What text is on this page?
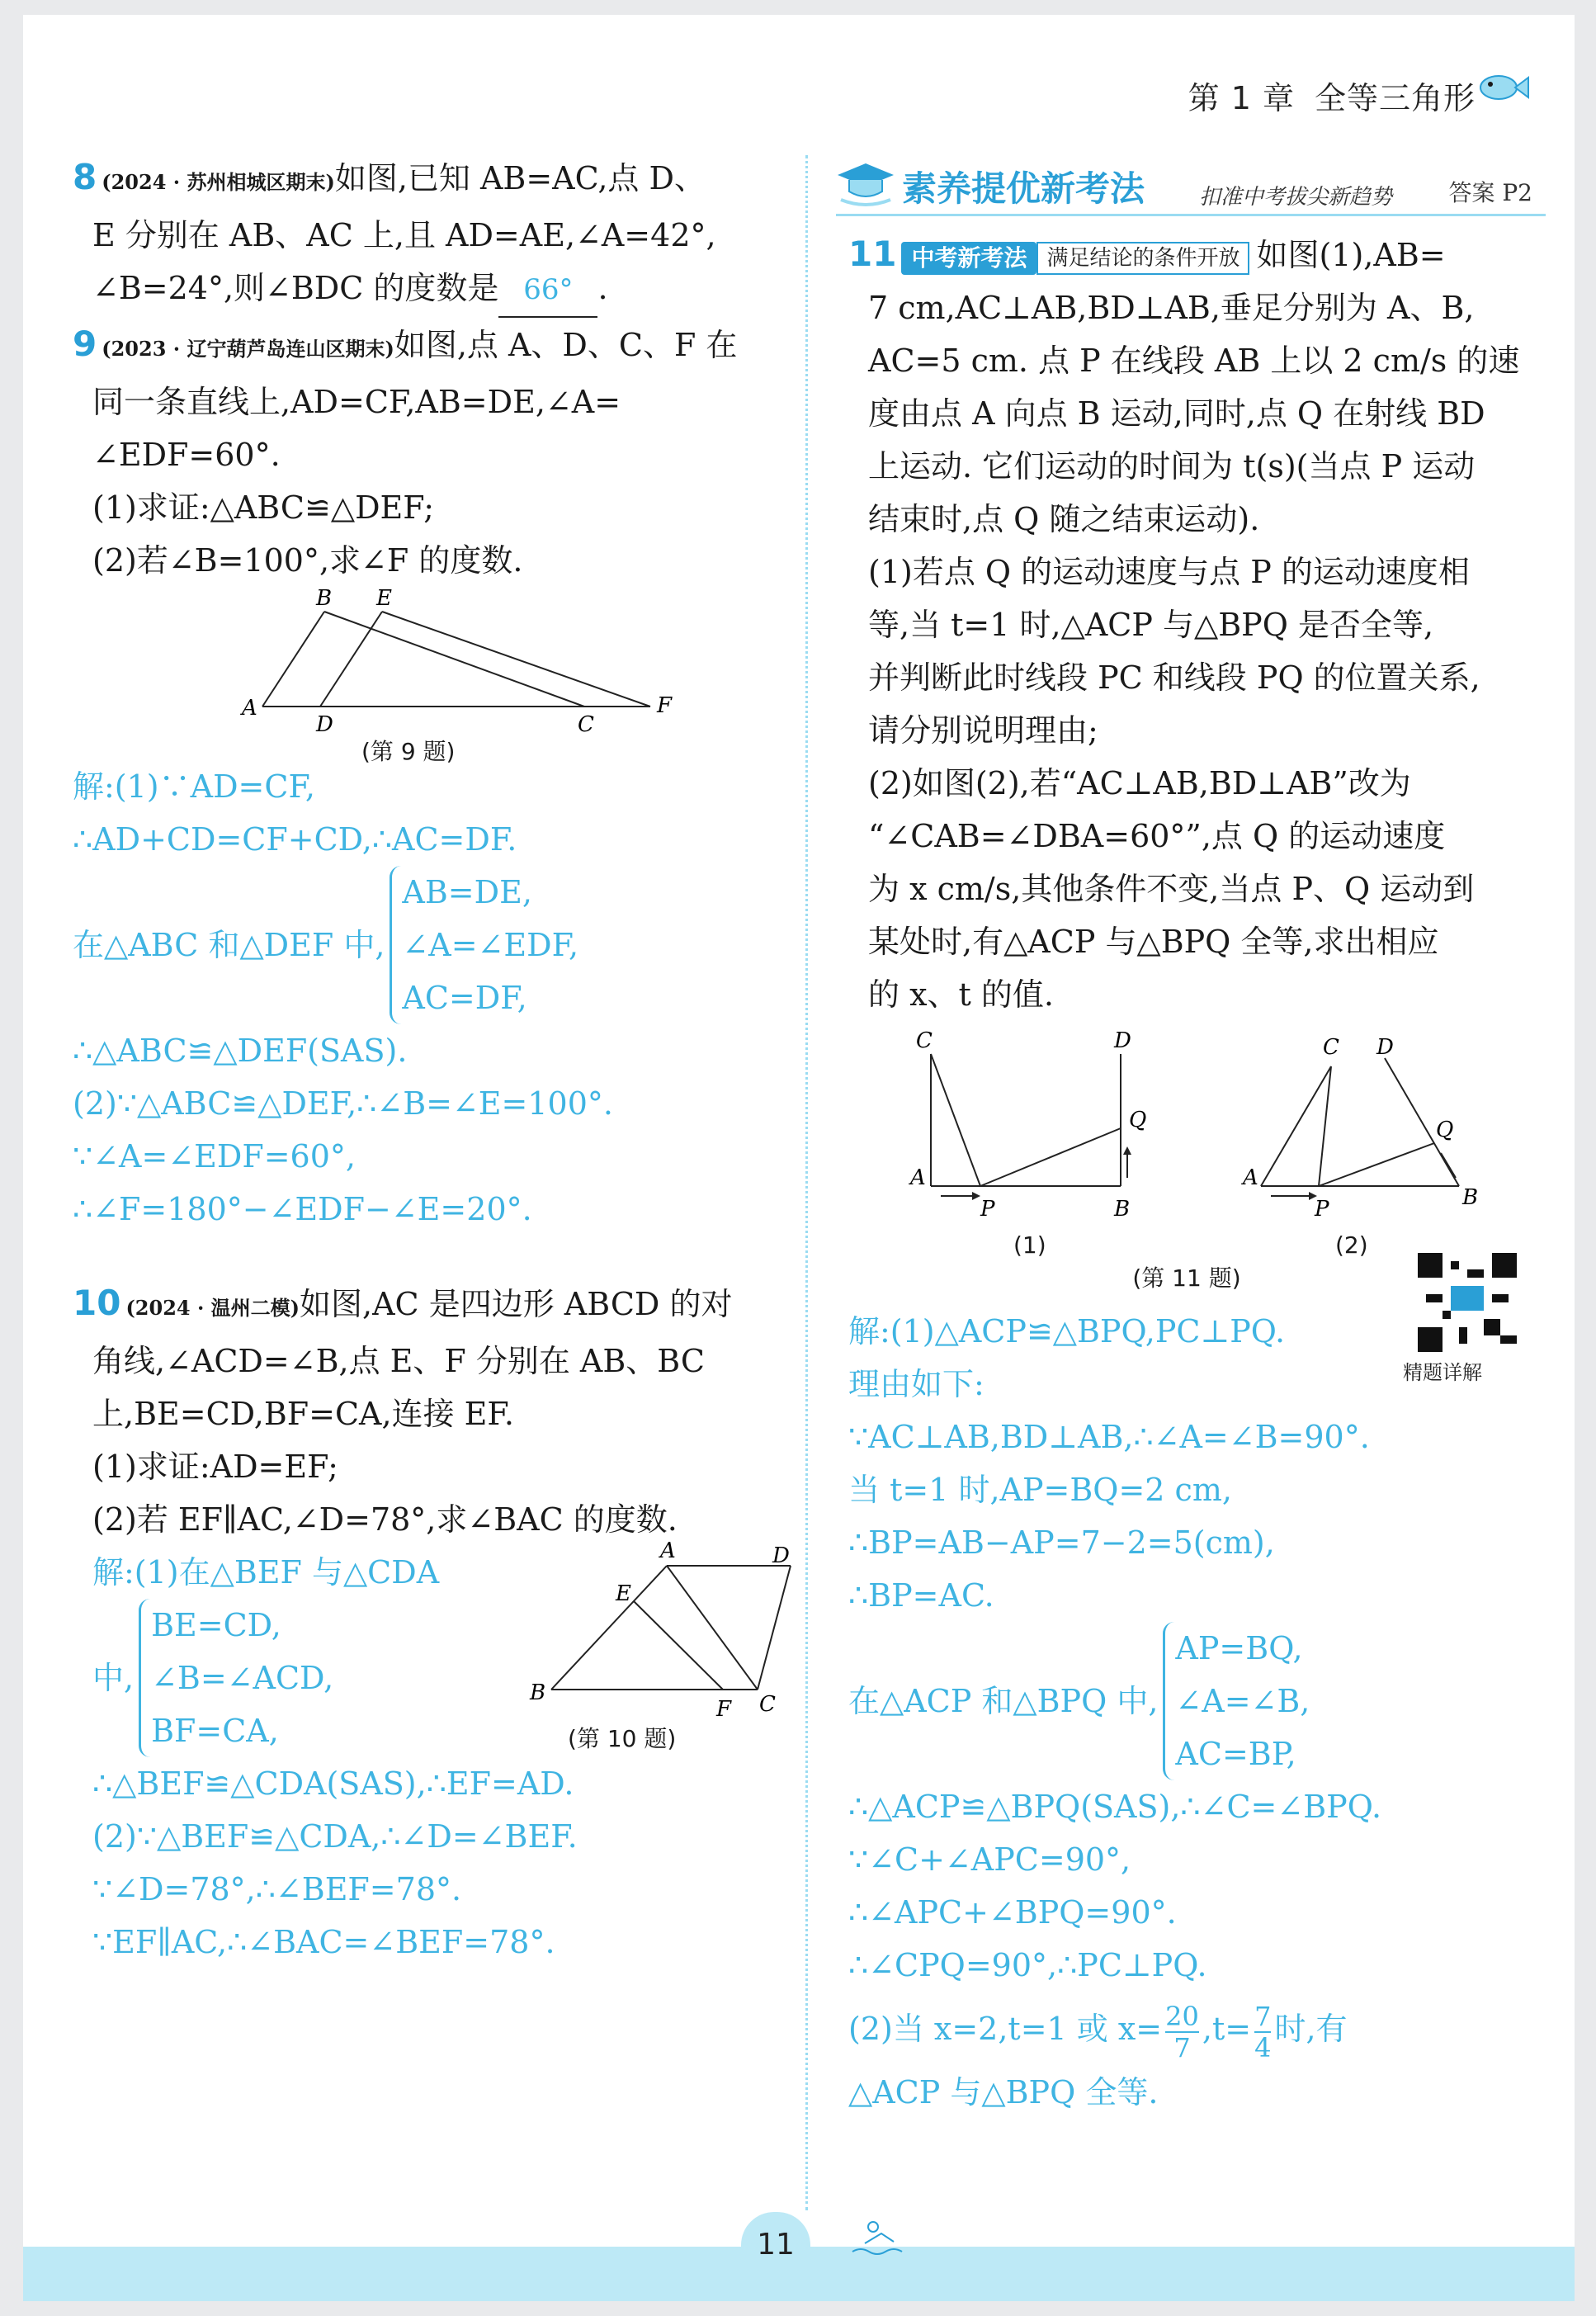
第 1 章 全等三角形
8 (2024 · 苏州相城区期末)如图,已知 AB=AC,点 D、
E 分别在 AB、AC 上,且 AD=AE,∠A=42°,
∠B=24°,则∠BDC 的度数是 66° .
9 (2023 · 辽宁葫芦岛连山区期末)如图,点 A、D、C、F 在
同一条直线上,AD=CF,AB=DE,∠A=
∠EDF=60°.
(1)求证:△ABC≌△DEF;
(2)若∠B=100°,求∠F 的度数.
A
B E
D	C
F
(第 9 题)
解:(1)∵AD=CF,
∴AD+CD=CF+CD,∴AC=DF.
在△ABC 和△DEF 中,
AB=DE,
∠A=∠EDF,
AC=DF,
∴△ABC≌△DEF(SAS).
(2)∵△ABC≌△DEF,∴∠B=∠E=100°.
∵∠A=∠EDF=60°,
∴∠F=180°−∠EDF−∠E=20°.
10 (2024 · 温州二模)如图,AC 是四边形 ABCD 的对
角线,∠ACD=∠B,点 E、F 分别在 AB、BC
上,BE=CD,BF=CA,连接 EF.
(1)求证:AD=EF;
(2)若 EF∥AC,∠D=78°,求∠BAC 的度数.
解:(1)在△BEF 与△CDA
中,
BE=CD,
∠B=∠ACD,
BF=CA,
A	D
E
B
F C
(第 10 题)
∴△BEF≌△CDA(SAS),∴EF=AD.
(2)∵△BEF≌△CDA,∴∠D=∠BEF.
∵∠D=78°,∴∠BEF=78°.
∵EF∥AC,∴∠BAC=∠BEF=78°.
素养提优新考法	扣准中考拔尖新趋势 答案 P2
11 中考新考法 满足结论的条件开放 如图(1),AB=
7 cm,AC⊥AB,BD⊥AB,垂足分别为 A、B,
AC=5 cm. 点 P 在线段 AB 上以 2 cm/s 的速
度由点 A 向点 B 运动,同时,点 Q 在射线 BD
上运动. 它们运动的时间为 t(s)(当点 P 运动
结束时,点 Q 随之结束运动).
(1)若点 Q 的运动速度与点 P 的运动速度相
等,当 t=1 时,△ACP 与△BPQ 是否全等,
并判断此时线段 PC 和线段 PQ 的位置关系,
请分别说明理由;
(2)如图(2),若“AC⊥AB,BD⊥AB”改为
“∠CAB=∠DBA=60°”,点 Q 的运动速度
为 x cm/s,其他条件不变,当点 P、Q 运动到
某处时,有△ACP 与△BPQ 全等,求出相应
的 x、t 的值.
A
B
C	D
P
Q
A
B
C D
P
Q
(1)	(2)
(第 11 题)
解:(1)△ACP≌△BPQ,PC⊥PQ.
理由如下:
∵AC⊥AB,BD⊥AB,∴∠A=∠B=90°.
当 t=1 时,AP=BQ=2 cm,
∴BP=AB−AP=7−2=5(cm),
∴BP=AC.
在△ACP 和△BPQ 中,
AP=BQ,
∠A=∠B,
AC=BP,
∴△ACP≌△BPQ(SAS),∴∠C=∠BPQ.
∵∠C+∠APC=90°,
∴∠APC+∠BPQ=90°.
∴∠CPQ=90°,∴PC⊥PQ.
(2)当 x=2,t=1 或 $x= \frac{20}{7} ,t= \frac{7}{4}$ 时,有
△ACP 与△BPQ 全等.
精题详解
11
